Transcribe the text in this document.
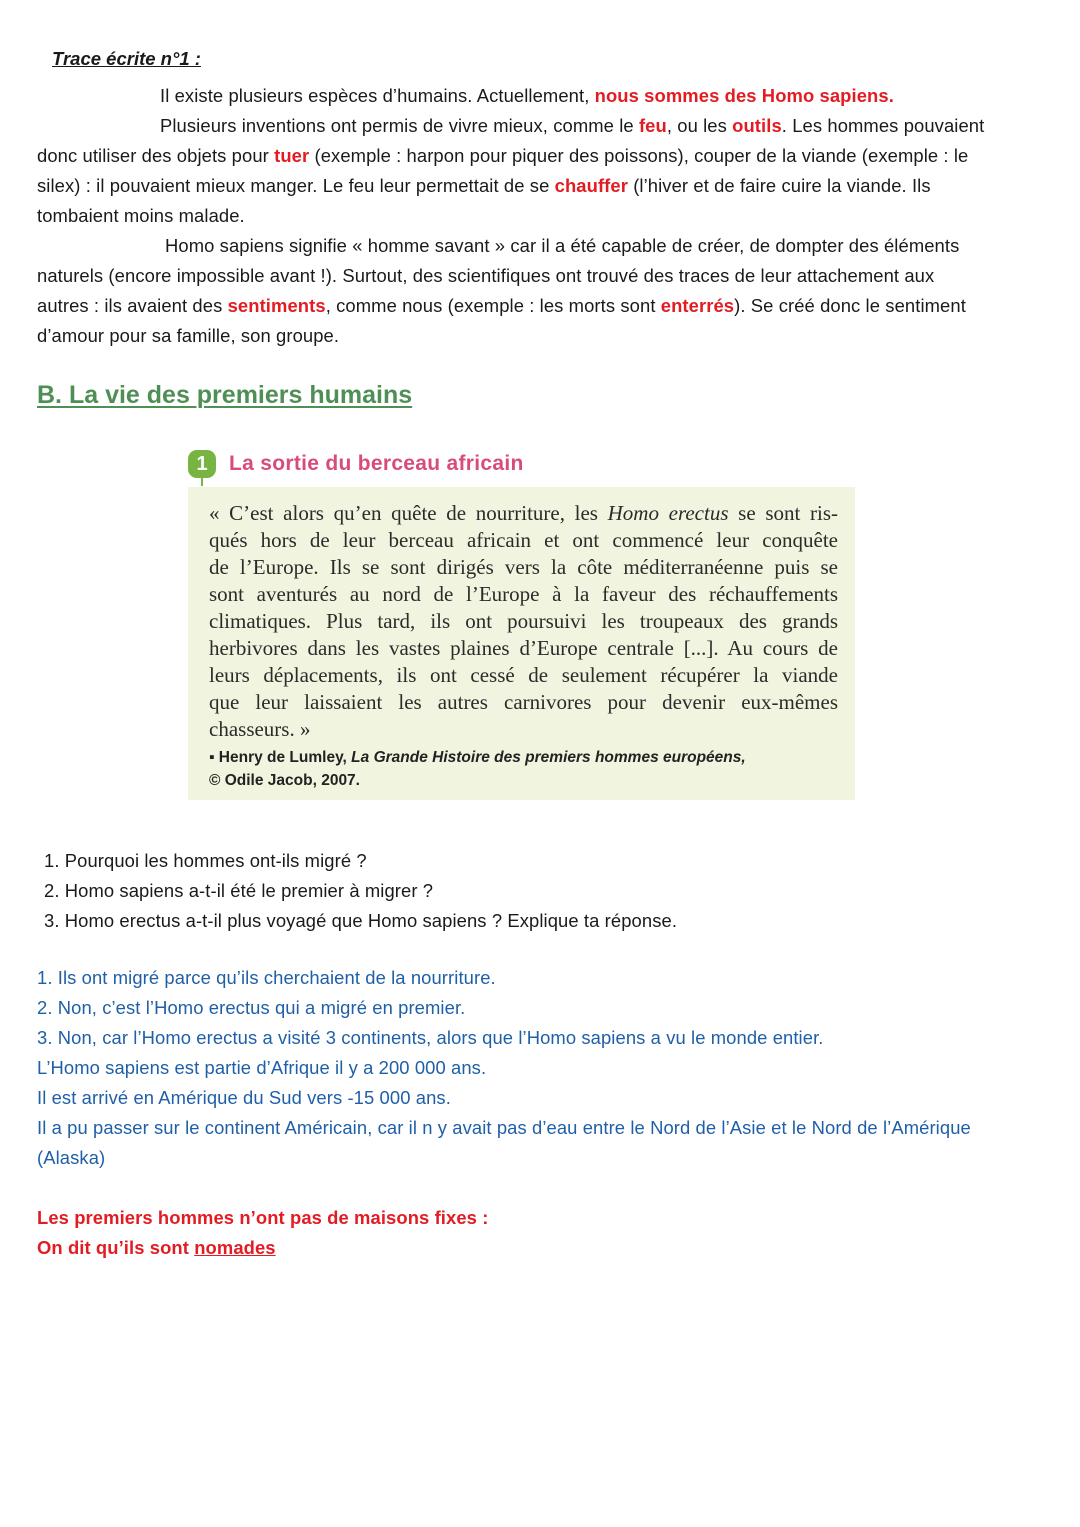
Trace écrite n°1 :
Il existe plusieurs espèces d’humains. Actuellement, nous sommes des Homo sapiens.
Plusieurs inventions ont permis de vivre mieux, comme le feu, ou les outils. Les hommes pouvaient
donc utiliser des objets pour tuer (exemple : harpon pour piquer des poissons), couper de la viande (exemple : le
silex) : il pouvaient mieux manger. Le feu leur permettait de se chauffer (l’hiver et de faire cuire la viande. Ils
tombaient moins malade.
Homo sapiens signifie « homme savant » car il a été capable de créer, de dompter des éléments
naturels (encore impossible avant !). Surtout, des scientifiques ont trouvé des traces de leur attachement aux
autres : ils avaient des sentiments, comme nous (exemple : les morts sont enterrés). Se créé donc le sentiment
d’amour pour sa famille, son groupe.
B. La vie des premiers humains
1	La sortie du berceau africain
« C’est alors qu’en quête de nourriture, les Homo erectus se sont ris-
qués hors de leur berceau africain et ont commencé leur conquête
de l’Europe. Ils se sont dirigés vers la côte méditerranéenne puis se
sont aventurés au nord de l’Europe à la faveur des réchauffements
climatiques. Plus tard, ils ont poursuivi les troupeaux des grands
herbivores dans les vastes plaines d’Europe centrale [...]. Au cours de
leurs déplacements, ils ont cessé de seulement récupérer la viande
que leur laissaient les autres carnivores pour devenir eux-mêmes
chasseurs. »
▪ Henry de Lumley, La Grande Histoire des premiers hommes européens,
© Odile Jacob, 2007.
1. Pourquoi les hommes ont-ils migré ?
2. Homo sapiens a-t-il été le premier à migrer ?
3. Homo erectus a-t-il plus voyagé que Homo sapiens ? Explique ta réponse.
1. Ils ont migré parce qu’ils cherchaient de la nourriture.
2. Non, c’est l’Homo erectus qui a migré en premier.
3. Non, car l’Homo erectus a visité 3 continents, alors que l’Homo sapiens a vu le monde entier.
L’Homo sapiens est partie d’Afrique il y a 200 000 ans.
Il est arrivé en Amérique du Sud vers -15 000 ans.
Il a pu passer sur le continent Américain, car il n y avait pas d’eau entre le Nord de l’Asie et le Nord de l’Amérique
(Alaska)
Les premiers hommes n’ont pas de maisons fixes :
On dit qu’ils sont nomades
